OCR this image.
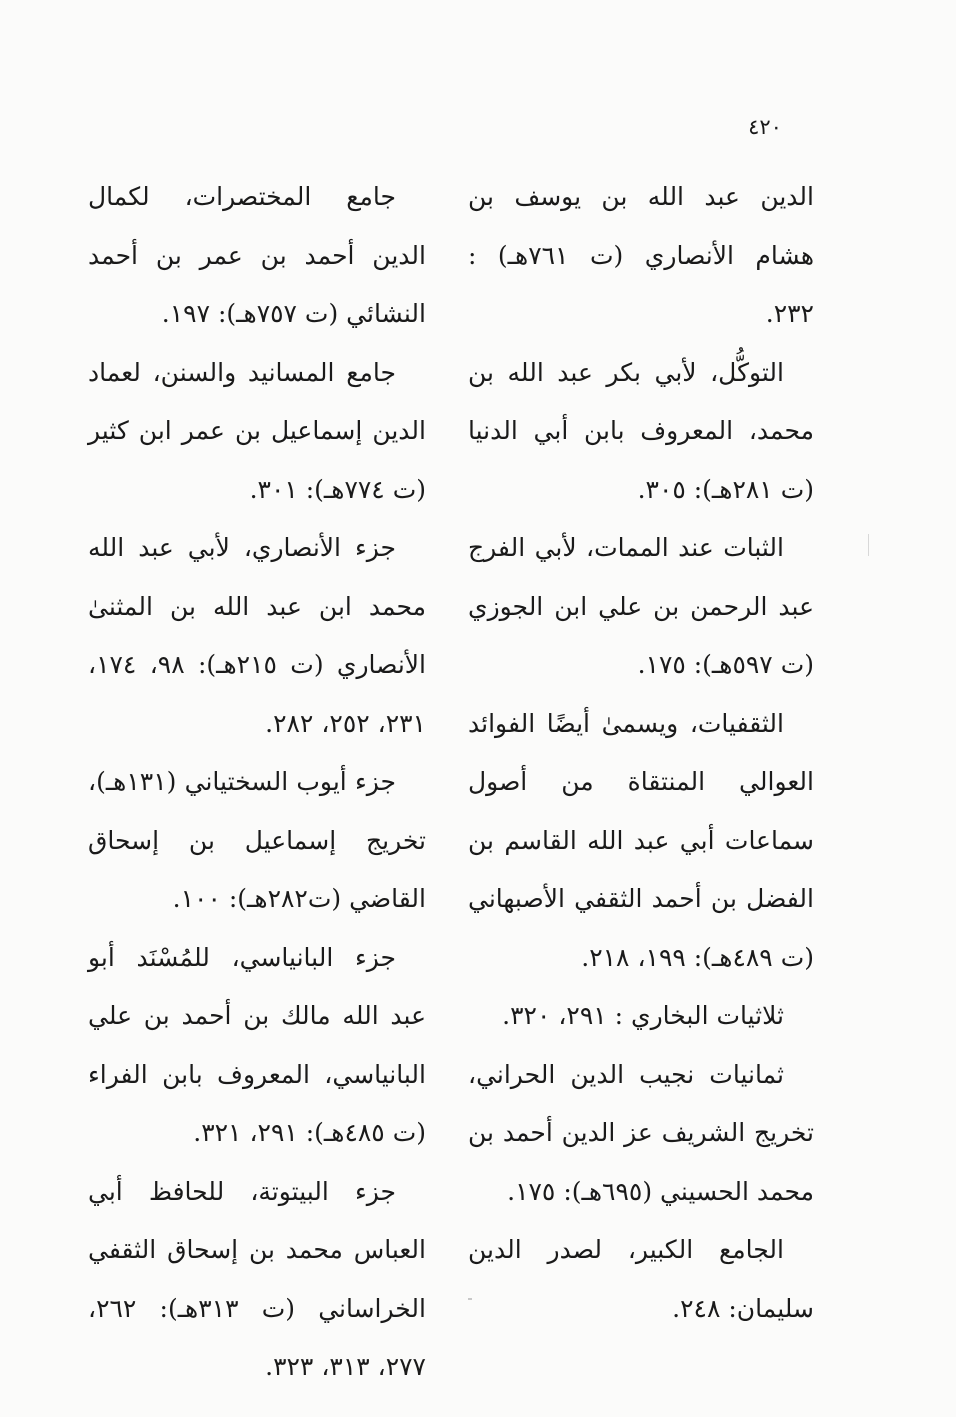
٤٢٠

الدين عبد الله بن يوسف بن هشام الأنصاري (ت ٧٦١هـ) : ٢٣٢.

التوكُّل، لأبي بكر عبد الله بن محمد، المعروف بابن أبي الدنيا (ت ٢٨١هـ): ٣٠٥.

الثبات عند الممات، لأبي الفرج عبد الرحمن بن علي ابن الجوزي (ت ٥٩٧هـ): ١٧٥.

الثقفيات، ويسمىٰ أيضًا الفوائد العوالي المنتقاة من أصول سماعات أبي عبد الله القاسم بن الفضل بن أحمد الثقفي الأصبهاني (ت ٤٨٩هـ): ١٩٩، ٢١٨.

ثلاثيات البخاري : ٢٩١، ٣٢٠.

ثمانيات نجيب الدين الحراني، تخريج الشريف عز الدين أحمد بن محمد الحسيني (٦٩٥هـ): ١٧٥.

الجامع الكبير، لصدر الدين سليمان: ٢٤٨.

جامع المختصرات، لكمال الدين أحمد بن عمر بن أحمد النشائي (ت ٧٥٧هـ): ١٩٧.

جامع المسانيد والسنن، لعماد الدين إسماعيل بن عمر ابن كثير (ت ٧٧٤هـ): ٣٠١.

جزء الأنصاري، لأبي عبد الله محمد ابن عبد الله بن المثنىٰ الأنصاري (ت ٢١٥هـ): ٩٨، ١٧٤، ٢٣١، ٢٥٢، ٢٨٢.

جزء أيوب السختياني (١٣١هـ)، تخريج إسماعيل بن إسحاق القاضي (ت٢٨٢هـ): ١٠٠.

جزء البانياسي، للمُسْنَد أبو عبد الله مالك بن أحمد بن علي البانياسي، المعروف بابن الفراء (ت ٤٨٥هـ): ٢٩١، ٣٢١.

جزء البيتوتة، للحافظ أبي العباس محمد بن إسحاق الثقفي الخراساني (ت ٣١٣هـ): ٢٦٢، ٢٧٧، ٣١٣، ٣٢٣.
